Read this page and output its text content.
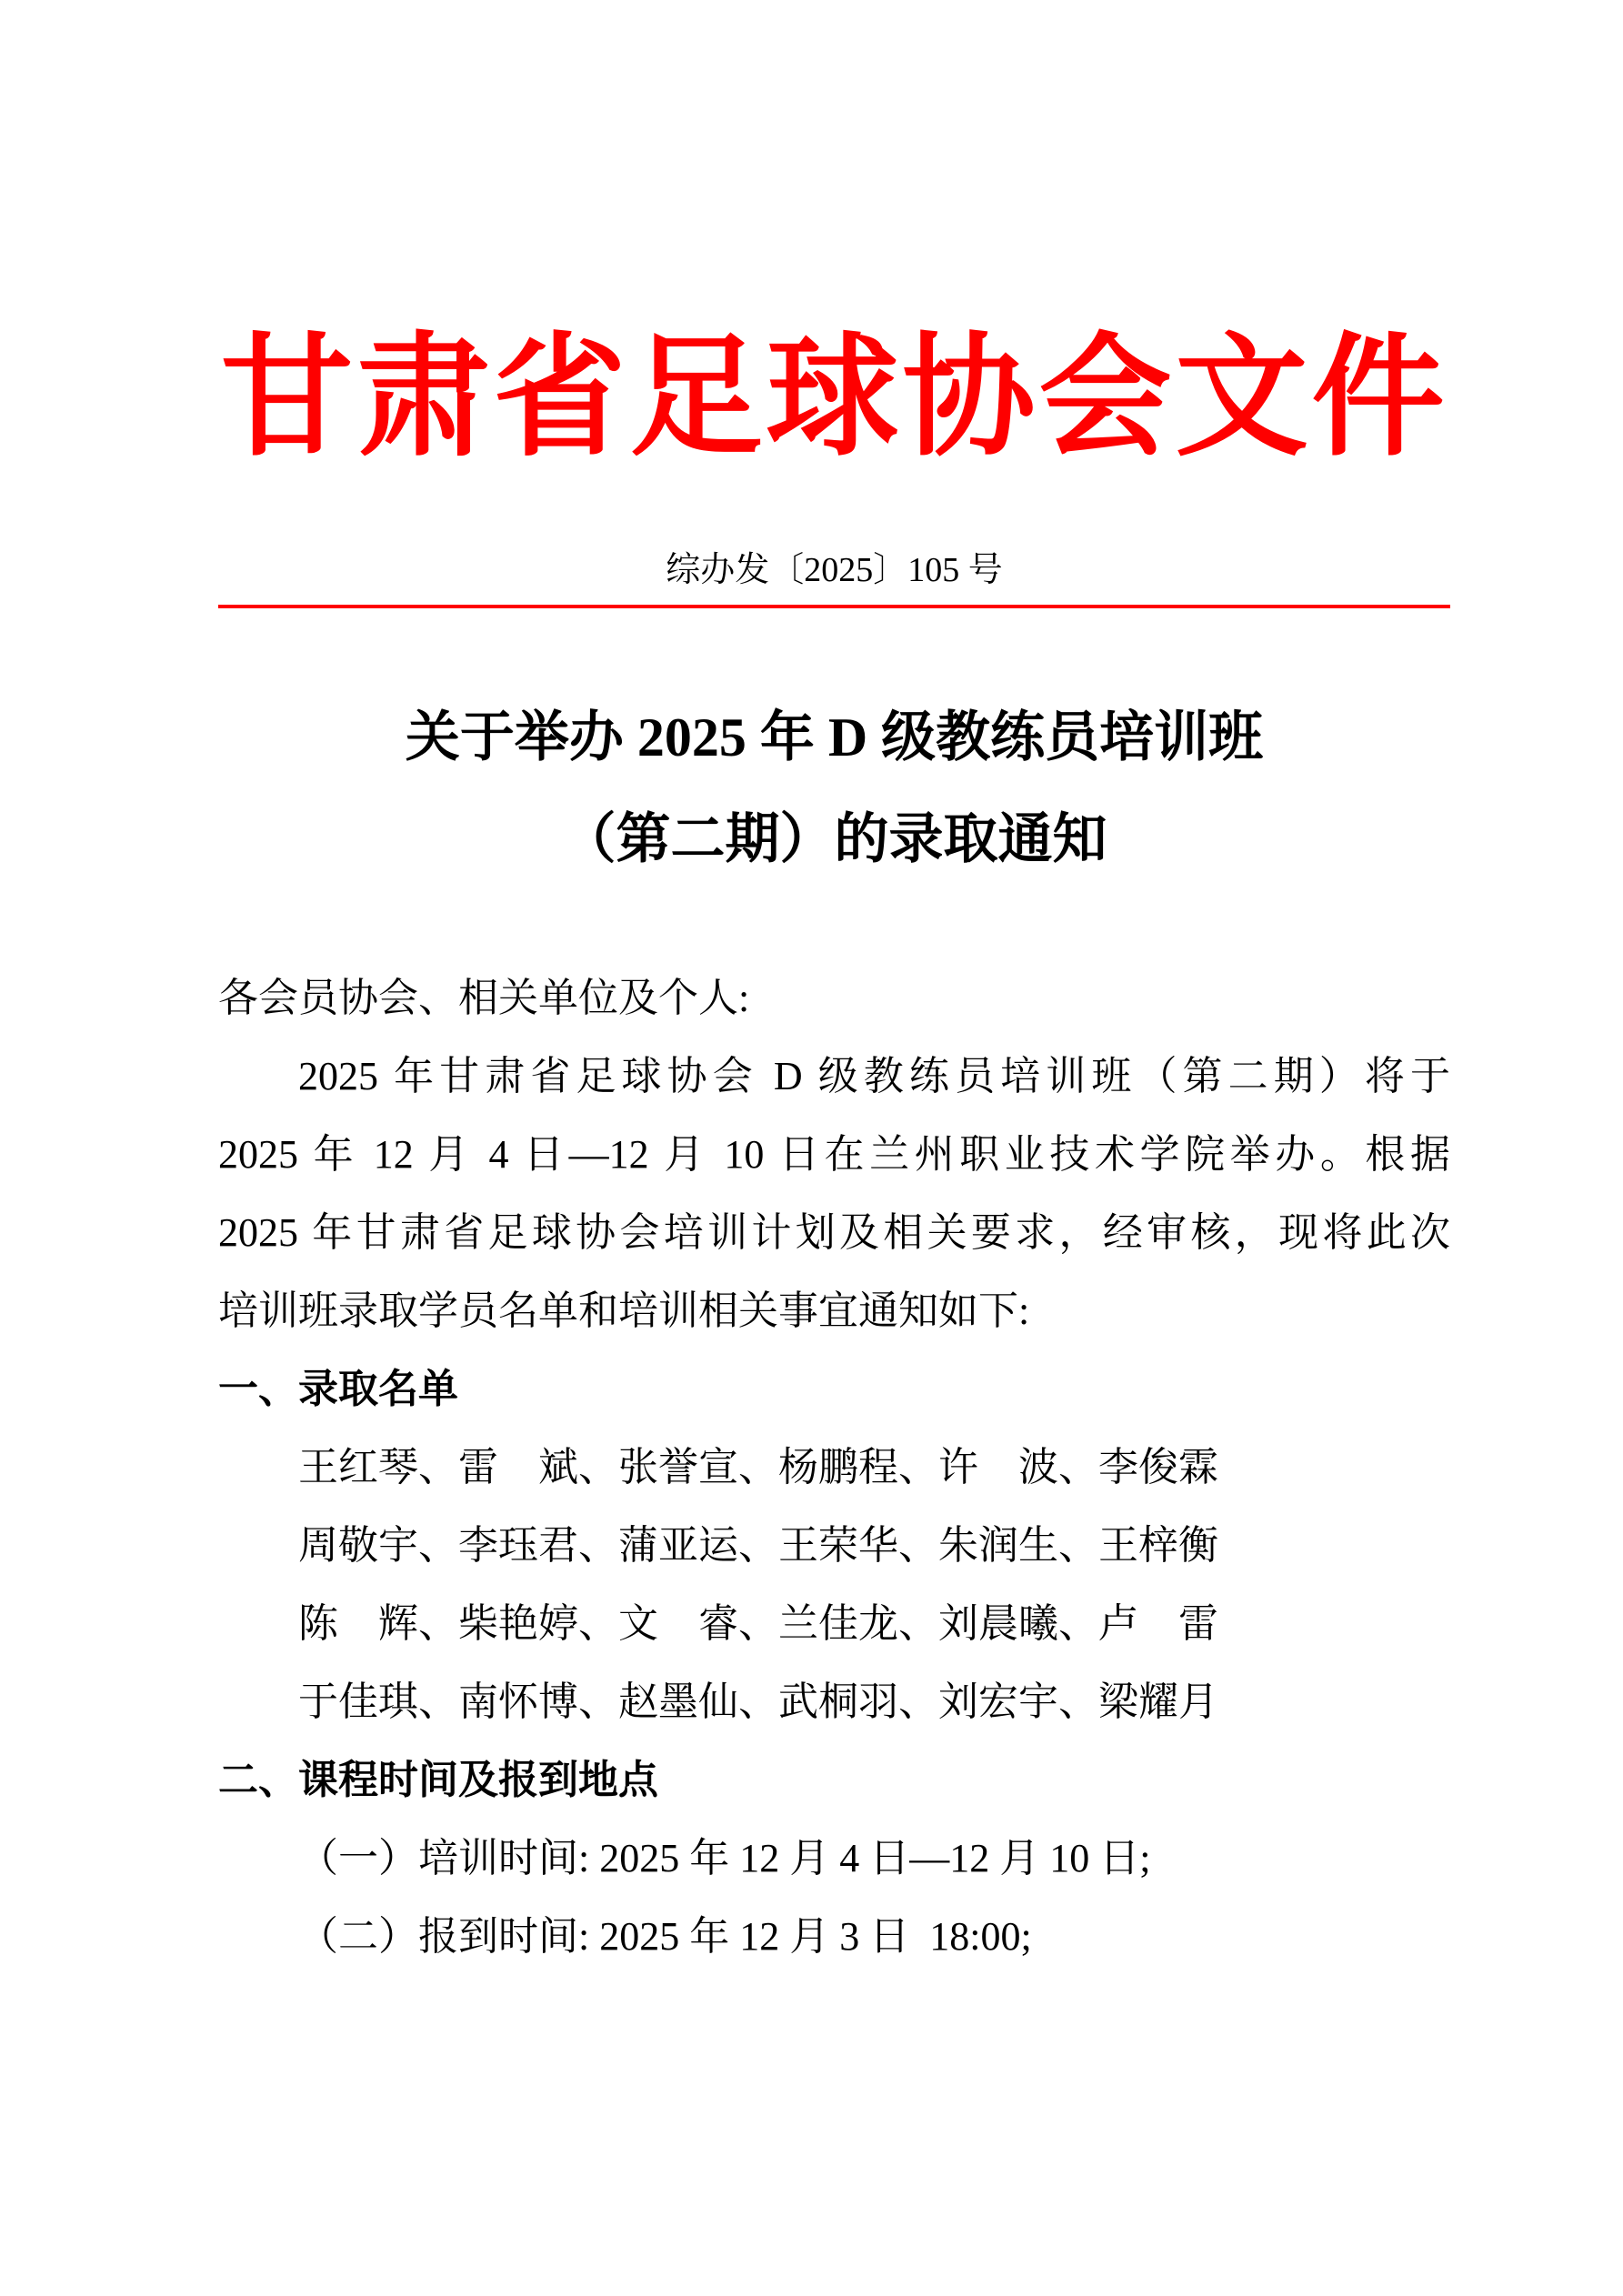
甘肃省足球协会文件
综办发〔2025〕105 号
关于举办 2025 年 D 级教练员培训班
（第二期）的录取通知
各会员协会、相关单位及个人:
2025 年甘肃省足球协会 D 级教练员培训班（第二期）将于
2025 年 12 月 4 日—12 月 10 日在兰州职业技术学院举办。根据
2025 年甘肃省足球协会培训计划及相关要求，经审核，现将此次
培训班录取学员名单和培训相关事宜通知如下:
一、录取名单
王红琴、雷　斌、张誉宣、杨鹏程、许　波、李俊霖
周敬宇、李珏君、蒲亚运、王荣华、朱润生、王梓衡
陈　辉、柴艳婷、文　睿、兰佳龙、刘晨曦、卢　雷
于佳琪、南怀博、赵墨仙、武桐羽、刘宏宇、梁耀月
二、课程时间及报到地点
（一）培训时间: 2025 年 12 月 4 日—12 月 10 日;
（二）报到时间: 2025 年 12 月 3 日  18:00;
